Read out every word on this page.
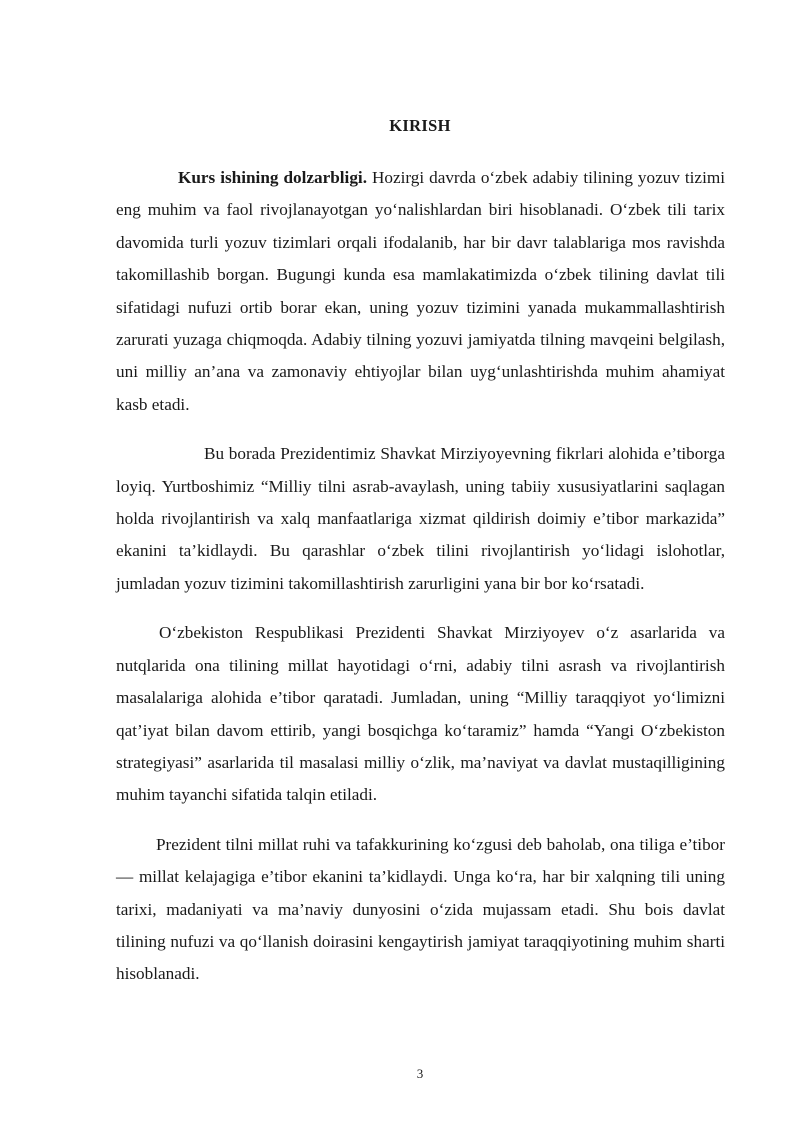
KIRISH

Kurs ishining dolzarbligi. Hozirgi davrda o‘zbek adabiy tilining yozuv tizimi eng muhim va faol rivojlanayotgan yo‘nalishlardan biri hisoblanadi. O‘zbek tili tarix davomida turli yozuv tizimlari orqali ifodalanib, har bir davr talablariga mos ravishda takomillashib borgan. Bugungi kunda esa mamlakatimizda o‘zbek tilining davlat tili sifatidagi nufuzi ortib borar ekan, uning yozuv tizimini yanada mukammallashtirish zarurati yuzaga chiqmoqda. Adabiy tilning yozuvi jamiyatda tilning mavqeini belgilash, uni milliy an’ana va zamonaviy ehtiyojlar bilan uyg‘unlashtirishda muhim ahamiyat kasb etadi.

Bu borada Prezidentimiz Shavkat Mirziyoyevning fikrlari alohida e’tiborga loyiq. Yurtboshimiz “Milliy tilni asrab-avaylash, uning tabiiy xususiyatlarini saqlagan holda rivojlantirish va xalq manfaatlariga xizmat qildirish doimiy e’tibor markazida” ekanini ta’kidlaydi. Bu qarashlar o‘zbek tilini rivojlantirish yo‘lidagi islohotlar, jumladan yozuv tizimini takomillashtirish zarurligini yana bir bor ko‘rsatadi.

O‘zbekiston Respublikasi Prezidenti Shavkat Mirziyoyev o‘z asarlarida va nutqlarida ona tilining millat hayotidagi o‘rni, adabiy tilni asrash va rivojlantirish masalalariga alohida e’tibor qaratadi. Jumladan, uning “Milliy taraqqiyot yo‘limizni qat’iyat bilan davom ettirib, yangi bosqichga ko‘taramiz” hamda “Yangi O‘zbekiston strategiyasi” asarlarida til masalasi milliy o‘zlik, ma’naviyat va davlat mustaqilligining muhim tayanchi sifatida talqin etiladi.

Prezident tilni millat ruhi va tafakkurining ko‘zgusi deb baholab, ona tiliga e’tibor — millat kelajagiga e’tibor ekanini ta’kidlaydi. Unga ko‘ra, har bir xalqning tili uning tarixi, madaniyati va ma’naviy dunyosini o‘zida mujassam etadi. Shu bois davlat tilining nufuzi va qo‘llanish doirasini kengaytirish jamiyat taraqqiyotining muhim sharti hisoblanadi.

3
